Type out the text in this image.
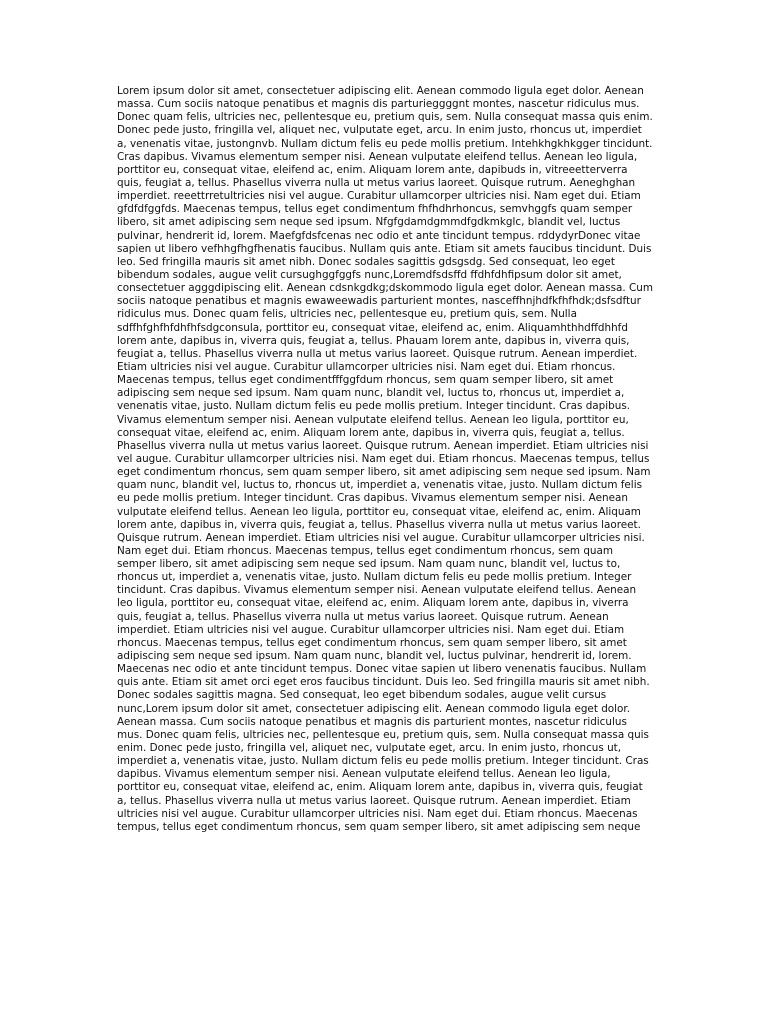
Lorem ipsum dolor sit amet, consectetuer adipiscing elit. Aenean commodo ligula eget dolor. Aenean
massa. Cum sociis natoque penatibus et magnis dis parturieggggnt montes, nascetur ridiculus mus.
Donec quam felis, ultricies nec, pellentesque eu, pretium quis, sem. Nulla consequat massa quis enim.
Donec pede justo, fringilla vel, aliquet nec, vulputate eget, arcu. In enim justo, rhoncus ut, imperdiet
a, venenatis vitae, justongnvb. Nullam dictum felis eu pede mollis pretium. Intehkhgkhkgger tincidunt.
Cras dapibus. Vivamus elementum semper nisi. Aenean vulputate eleifend tellus. Aenean leo ligula,
porttitor eu, consequat vitae, eleifend ac, enim. Aliquam lorem ante, dapibuds in, vitreeetterverra
quis, feugiat a, tellus. Phasellus viverra nulla ut metus varius laoreet. Quisque rutrum. Aeneghghan
imperdiet. reeettrretultricies nisi vel augue. Curabitur ullamcorper ultricies nisi. Nam eget dui. Etiam
gfdfdfggfds. Maecenas tempus, tellus eget condimentum fhfhdhrhoncus, semvhggfs quam semper
libero, sit amet adipiscing sem neque sed ipsum. Nfgfgdamdgmmdfgdkmkglc, blandit vel, luctus
pulvinar, hendrerit id, lorem. Maefgfdsfcenas nec odio et ante tincidunt tempus. rddydyrDonec vitae
sapien ut libero vefhhgfhgfhenatis faucibus. Nullam quis ante. Etiam sit amets faucibus tincidunt. Duis
leo. Sed fringilla mauris sit amet nibh. Donec sodales sagittis gdsgsdg. Sed consequat, leo eget
bibendum sodales, augue velit cursughggfggfs nunc,Loremdfsdsffd ffdhfdhfipsum dolor sit amet,
consectetuer agggdipiscing elit. Aenean cdsnkgdkg;dskommodo ligula eget dolor. Aenean massa. Cum
sociis natoque penatibus et magnis ewaweewadis parturient montes, nasceffhnjhdfkfhfhdk;dsfsdftur
ridiculus mus. Donec quam felis, ultricies nec, pellentesque eu, pretium quis, sem. Nulla
sdffhfghfhfdhfhfsdgconsula, porttitor eu, consequat vitae, eleifend ac, enim. Aliquamhthhdffdhhfd
lorem ante, dapibus in, viverra quis, feugiat a, tellus. Phauam lorem ante, dapibus in, viverra quis,
feugiat a, tellus. Phasellus viverra nulla ut metus varius laoreet. Quisque rutrum. Aenean imperdiet.
Etiam ultricies nisi vel augue. Curabitur ullamcorper ultricies nisi. Nam eget dui. Etiam rhoncus.
Maecenas tempus, tellus eget condimentfffggfdum rhoncus, sem quam semper libero, sit amet
adipiscing sem neque sed ipsum. Nam quam nunc, blandit vel, luctus to, rhoncus ut, imperdiet a,
venenatis vitae, justo. Nullam dictum felis eu pede mollis pretium. Integer tincidunt. Cras dapibus.
Vivamus elementum semper nisi. Aenean vulputate eleifend tellus. Aenean leo ligula, porttitor eu,
consequat vitae, eleifend ac, enim. Aliquam lorem ante, dapibus in, viverra quis, feugiat a, tellus.
Phasellus viverra nulla ut metus varius laoreet. Quisque rutrum. Aenean imperdiet. Etiam ultricies nisi
vel augue. Curabitur ullamcorper ultricies nisi. Nam eget dui. Etiam rhoncus. Maecenas tempus, tellus
eget condimentum rhoncus, sem quam semper libero, sit amet adipiscing sem neque sed ipsum. Nam
quam nunc, blandit vel, luctus to, rhoncus ut, imperdiet a, venenatis vitae, justo. Nullam dictum felis
eu pede mollis pretium. Integer tincidunt. Cras dapibus. Vivamus elementum semper nisi. Aenean
vulputate eleifend tellus. Aenean leo ligula, porttitor eu, consequat vitae, eleifend ac, enim. Aliquam
lorem ante, dapibus in, viverra quis, feugiat a, tellus. Phasellus viverra nulla ut metus varius laoreet.
Quisque rutrum. Aenean imperdiet. Etiam ultricies nisi vel augue. Curabitur ullamcorper ultricies nisi.
Nam eget dui. Etiam rhoncus. Maecenas tempus, tellus eget condimentum rhoncus, sem quam
semper libero, sit amet adipiscing sem neque sed ipsum. Nam quam nunc, blandit vel, luctus to,
rhoncus ut, imperdiet a, venenatis vitae, justo. Nullam dictum felis eu pede mollis pretium. Integer
tincidunt. Cras dapibus. Vivamus elementum semper nisi. Aenean vulputate eleifend tellus. Aenean
leo ligula, porttitor eu, consequat vitae, eleifend ac, enim. Aliquam lorem ante, dapibus in, viverra
quis, feugiat a, tellus. Phasellus viverra nulla ut metus varius laoreet. Quisque rutrum. Aenean
imperdiet. Etiam ultricies nisi vel augue. Curabitur ullamcorper ultricies nisi. Nam eget dui. Etiam
rhoncus. Maecenas tempus, tellus eget condimentum rhoncus, sem quam semper libero, sit amet
adipiscing sem neque sed ipsum. Nam quam nunc, blandit vel, luctus pulvinar, hendrerit id, lorem.
Maecenas nec odio et ante tincidunt tempus. Donec vitae sapien ut libero venenatis faucibus. Nullam
quis ante. Etiam sit amet orci eget eros faucibus tincidunt. Duis leo. Sed fringilla mauris sit amet nibh.
Donec sodales sagittis magna. Sed consequat, leo eget bibendum sodales, augue velit cursus
nunc,Lorem ipsum dolor sit amet, consectetuer adipiscing elit. Aenean commodo ligula eget dolor.
Aenean massa. Cum sociis natoque penatibus et magnis dis parturient montes, nascetur ridiculus
mus. Donec quam felis, ultricies nec, pellentesque eu, pretium quis, sem. Nulla consequat massa quis
enim. Donec pede justo, fringilla vel, aliquet nec, vulputate eget, arcu. In enim justo, rhoncus ut,
imperdiet a, venenatis vitae, justo. Nullam dictum felis eu pede mollis pretium. Integer tincidunt. Cras
dapibus. Vivamus elementum semper nisi. Aenean vulputate eleifend tellus. Aenean leo ligula,
porttitor eu, consequat vitae, eleifend ac, enim. Aliquam lorem ante, dapibus in, viverra quis, feugiat
a, tellus. Phasellus viverra nulla ut metus varius laoreet. Quisque rutrum. Aenean imperdiet. Etiam
ultricies nisi vel augue. Curabitur ullamcorper ultricies nisi. Nam eget dui. Etiam rhoncus. Maecenas
tempus, tellus eget condimentum rhoncus, sem quam semper libero, sit amet adipiscing sem neque
